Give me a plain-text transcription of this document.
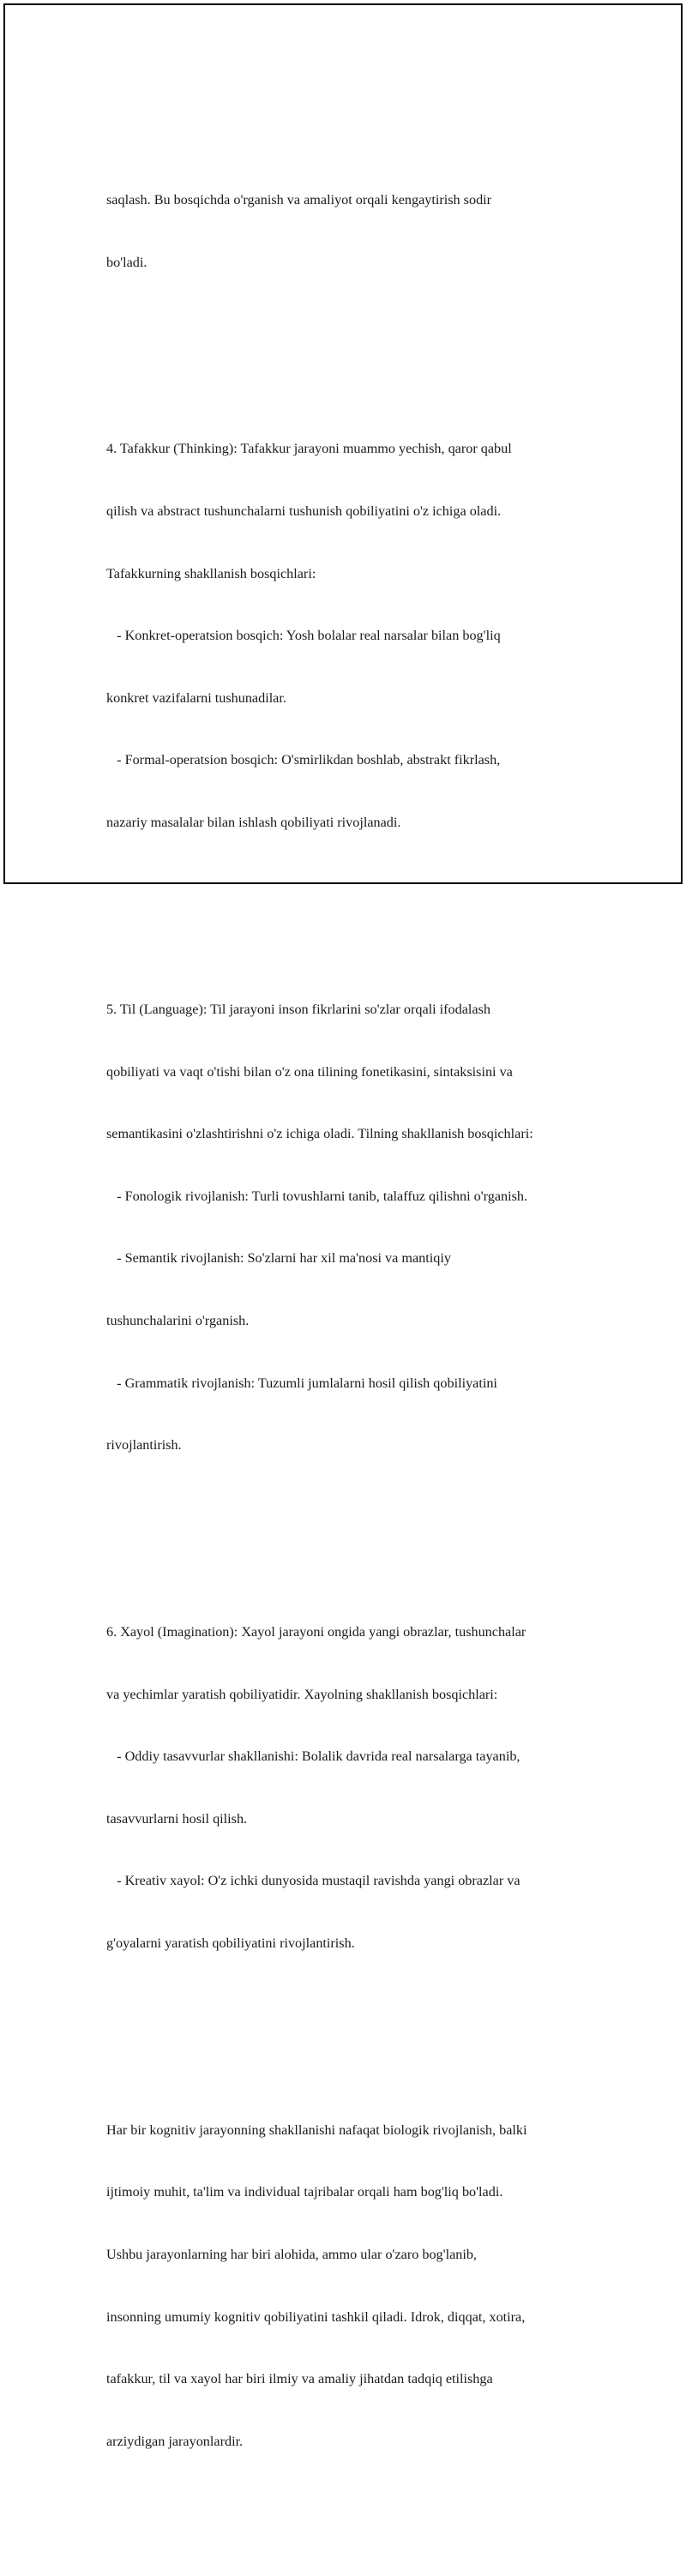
saqlash. Bu bosqichda o'rganish va amaliyot orqali kengaytirish sodir

bo'ladi.

4. Tafakkur (Thinking): Tafakkur jarayoni muammo yechish, qaror qabul

qilish va abstract tushunchalarni tushunish qobiliyatini o'z ichiga oladi.

Tafakkurning shakllanish bosqichlari:

- Konkret-operatsion bosqich: Yosh bolalar real narsalar bilan bog'liq

konkret vazifalarni tushunadilar.

- Formal-operatsion bosqich: O'smirlikdan boshlab, abstrakt fikrlash,

nazariy masalalar bilan ishlash qobiliyati rivojlanadi.

5. Til (Language): Til jarayoni inson fikrlarini so'zlar orqali ifodalash

qobiliyati va vaqt o'tishi bilan o'z ona tilining fonetikasini, sintaksisini va

semantikasini o'zlashtirishni o'z ichiga oladi. Tilning shakllanish bosqichlari:

- Fonologik rivojlanish: Turli tovushlarni tanib, talaffuz qilishni o'rganish.

- Semantik rivojlanish: So'zlarni har xil ma'nosi va mantiqiy

tushunchalarini o'rganish.

- Grammatik rivojlanish: Tuzumli jumlalarni hosil qilish qobiliyatini

rivojlantirish.

6. Xayol (Imagination): Xayol jarayoni ongida yangi obrazlar, tushunchalar

va yechimlar yaratish qobiliyatidir. Xayolning shakllanish bosqichlari:

- Oddiy tasavvurlar shakllanishi: Bolalik davrida real narsalarga tayanib,

tasavvurlarni hosil qilish.

- Kreativ xayol: O'z ichki dunyosida mustaqil ravishda yangi obrazlar va

g'oyalarni yaratish qobiliyatini rivojlantirish.

Har bir kognitiv jarayonning shakllanishi nafaqat biologik rivojlanish, balki

ijtimoiy muhit, ta'lim va individual tajribalar orqali ham bog'liq bo'ladi.

Ushbu jarayonlarning har biri alohida, ammo ular o'zaro bog'lanib,

insonning umumiy kognitiv qobiliyatini tashkil qiladi. Idrok, diqqat, xotira,

tafakkur, til va xayol har biri ilmiy va amaliy jihatdan tadqiq etilishga

arziydigan jarayonlardir.
